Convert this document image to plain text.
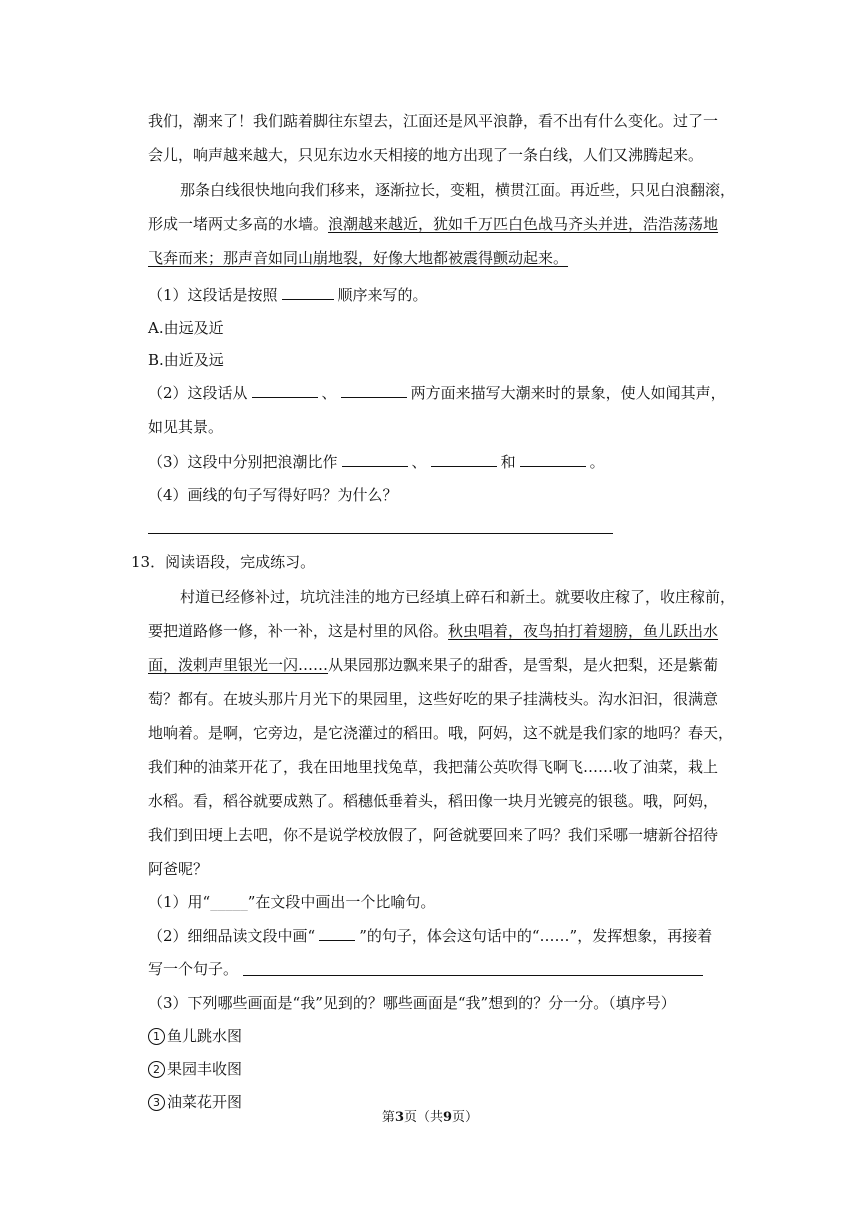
我们，潮来了！我们踮着脚往东望去，江面还是风平浪静，看不出有什么变化。过了一
会儿，响声越来越大，只见东边水天相接的地方出现了一条白线，人们又沸腾起来。
那条白线很快地向我们移来，逐渐拉长，变粗，横贯江面。再近些，只见白浪翻滚，
形成一堵两丈多高的水墙。浪潮越来越近，犹如千万匹白色战马齐头并进，浩浩荡荡地
飞奔而来；那声音如同山崩地裂，好像大地都被震得颤动起来。
（1）这段话是按照	顺序来写的。
A.由远及近
B.由近及远
（2）这段话从	、	两方面来描写大潮来时的景象，使人如闻其声，
如见其景。
（3）这段中分别把浪潮比作	、	和	。
（4）画线的句子写得好吗？为什么？
13．阅读语段，完成练习。
村道已经修补过，坑坑洼洼的地方已经填上碎石和新土。就要收庄稼了，收庄稼前，
要把道路修一修，补一补，这是村里的风俗。秋虫唱着，夜鸟拍打着翅膀，鱼儿跃出水
面，泼剌声里银光一闪……从果园那边飘来果子的甜香，是雪梨，是火把梨，还是紫葡
萄？都有。在坡头那片月光下的果园里，这些好吃的果子挂满枝头。沟水汩汩，很满意
地响着。是啊，它旁边，是它浇灌过的稻田。哦，阿妈，这不就是我们家的地吗？春天，
我们种的油菜开花了，我在田地里找兔草，我把蒲公英吹得飞啊飞……收了油菜，栽上
水稻。看，稻谷就要成熟了。稻穗低垂着头，稻田像一块月光镀亮的银毯。哦，阿妈，
我们到田埂上去吧，你不是说学校放假了，阿爸就要回来了吗？我们采哪一塘新谷招待
阿爸呢？
（1）用“_____”在文段中画出一个比喻句。
（2）细细品读文段中画“	”的句子，体会这句话中的“……”，发挥想象，再接着
写一个句子。
（3）下列哪些画面是“我”见到的？哪些画面是“我”想到的？分一分。（填序号）
1 鱼儿跳水图
2 果园丰收图
3 油菜花开图
第3页（共9页）
